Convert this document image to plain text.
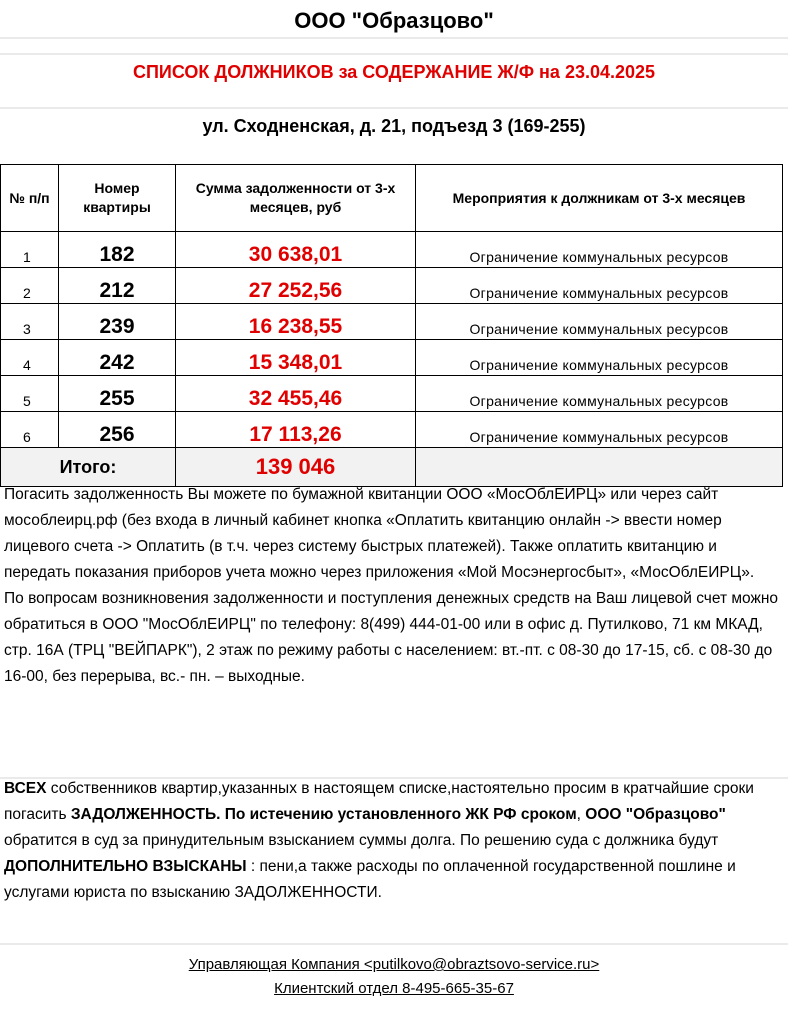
ООО "Образцово"
СПИСОК ДОЛЖНИКОВ за СОДЕРЖАНИЕ Ж/Ф на 23.04.2025
ул. Сходненская, д. 21, подъезд 3 (169-255)
№ п/п	Номер квартиры	Сумма задолженности от 3-х месяцев, руб	Мероприятия к должникам от 3-х месяцев
1	182	30 638,01	Ограничение коммунальных ресурсов
2	212	27 252,56	Ограничение коммунальных ресурсов
3	239	16 238,55	Ограничение коммунальных ресурсов
4	242	15 348,01	Ограничение коммунальных ресурсов
5	255	32 455,46	Ограничение коммунальных ресурсов
6	256	17 113,26	Ограничение коммунальных ресурсов
Итого:		139 046	
Погасить задолженность Вы можете по бумажной квитанции ООО «МосОблЕИРЦ» или через сайт мособлеирц.рф (без входа в личный кабинет кнопка «Оплатить квитанцию онлайн -> ввести номер лицевого счета -> Оплатить (в т.ч. через систему быстрых платежей). Также оплатить квитанцию и передать показания приборов учета можно через приложения «Мой Мосэнергосбыт», «МосОблЕИРЦ».
По вопросам возникновения задолженности и поступления денежных средств на Ваш лицевой счет можно обратиться в ООО "МосОблЕИРЦ" по телефону: 8(499) 444-01-00 или в офис д. Путилково, 71 км МКАД, стр. 16А (ТРЦ "ВЕЙПАРК"), 2 этаж по режиму работы с населением: вт.-пт. с 08-30 до 17-15, сб. с 08-30 до 16-00, без перерыва, вс.- пн. – выходные.
ВСЕХ собственников квартир,указанных в настоящем списке,настоятельно просим в кратчайшие сроки погасить ЗАДОЛЖЕННОСТЬ. По истечению установленного ЖК РФ сроком, ООО "Образцово" обратится в суд за принудительным взысканием суммы долга. По решению суда с должника будут ДОПОЛНИТЕЛЬНО ВЗЫСКАНЫ : пени,а также расходы по оплаченной государственной пошлине и услугами юриста по взысканию ЗАДОЛЖЕННОСТИ.
Управляющая Компания <putilkovo@obraztsovo-service.ru>
Клиентский отдел 8-495-665-35-67
